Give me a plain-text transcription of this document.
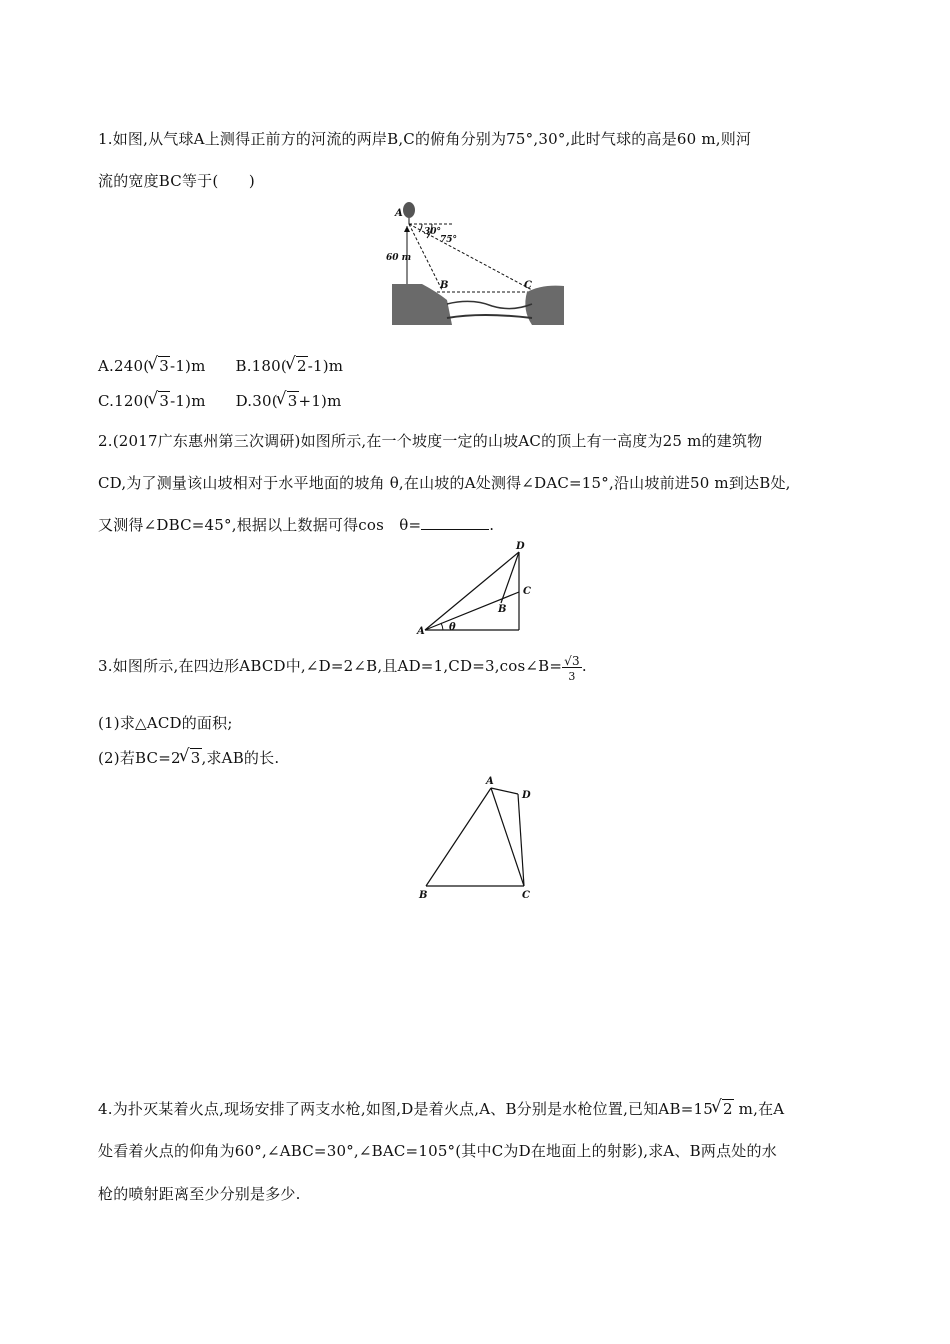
1.如图,从气球A上测得正前方的河流的两岸B,C的俯角分别为75°,30°,此时气球的高是60 m,则河
流的宽度BC等于(　　)
A
B	C
60 m
30°
75°
A.240( √ 3-1)m B.180( √ 2-1)m
C.120( √ 3-1)m D.30( √ 3+1)m
2.(2017广东惠州第三次调研)如图所示,在一个坡度一定的山坡AC的顶上有一高度为25 m的建筑物
CD,为了测量该山坡相对于水平地面的坡角 θ,在山坡的A处测得∠DAC=15°,沿山坡前进50 m到达B处,
又测得∠DBC=45°,根据以上数据可得cos　θ=	.
A
B
C
D
θ
3.如图所示,在四边形ABCD中,∠D=2∠B,且AD=1,CD=3,cos∠B= $\frac{√3}{3}$ .
(1)求△ACD的面积;
(2)若BC=2 √ 3,求AB的长.
A
B	C
D
4.为扑灭某着火点,现场安排了两支水枪,如图,D是着火点,A、B分别是水枪位置,已知AB=15 √ 2 m,在A
处看着火点的仰角为60°,∠ABC=30°,∠BAC=105°(其中C为D在地面上的射影),求A、B两点处的水
枪的喷射距离至少分别是多少.
